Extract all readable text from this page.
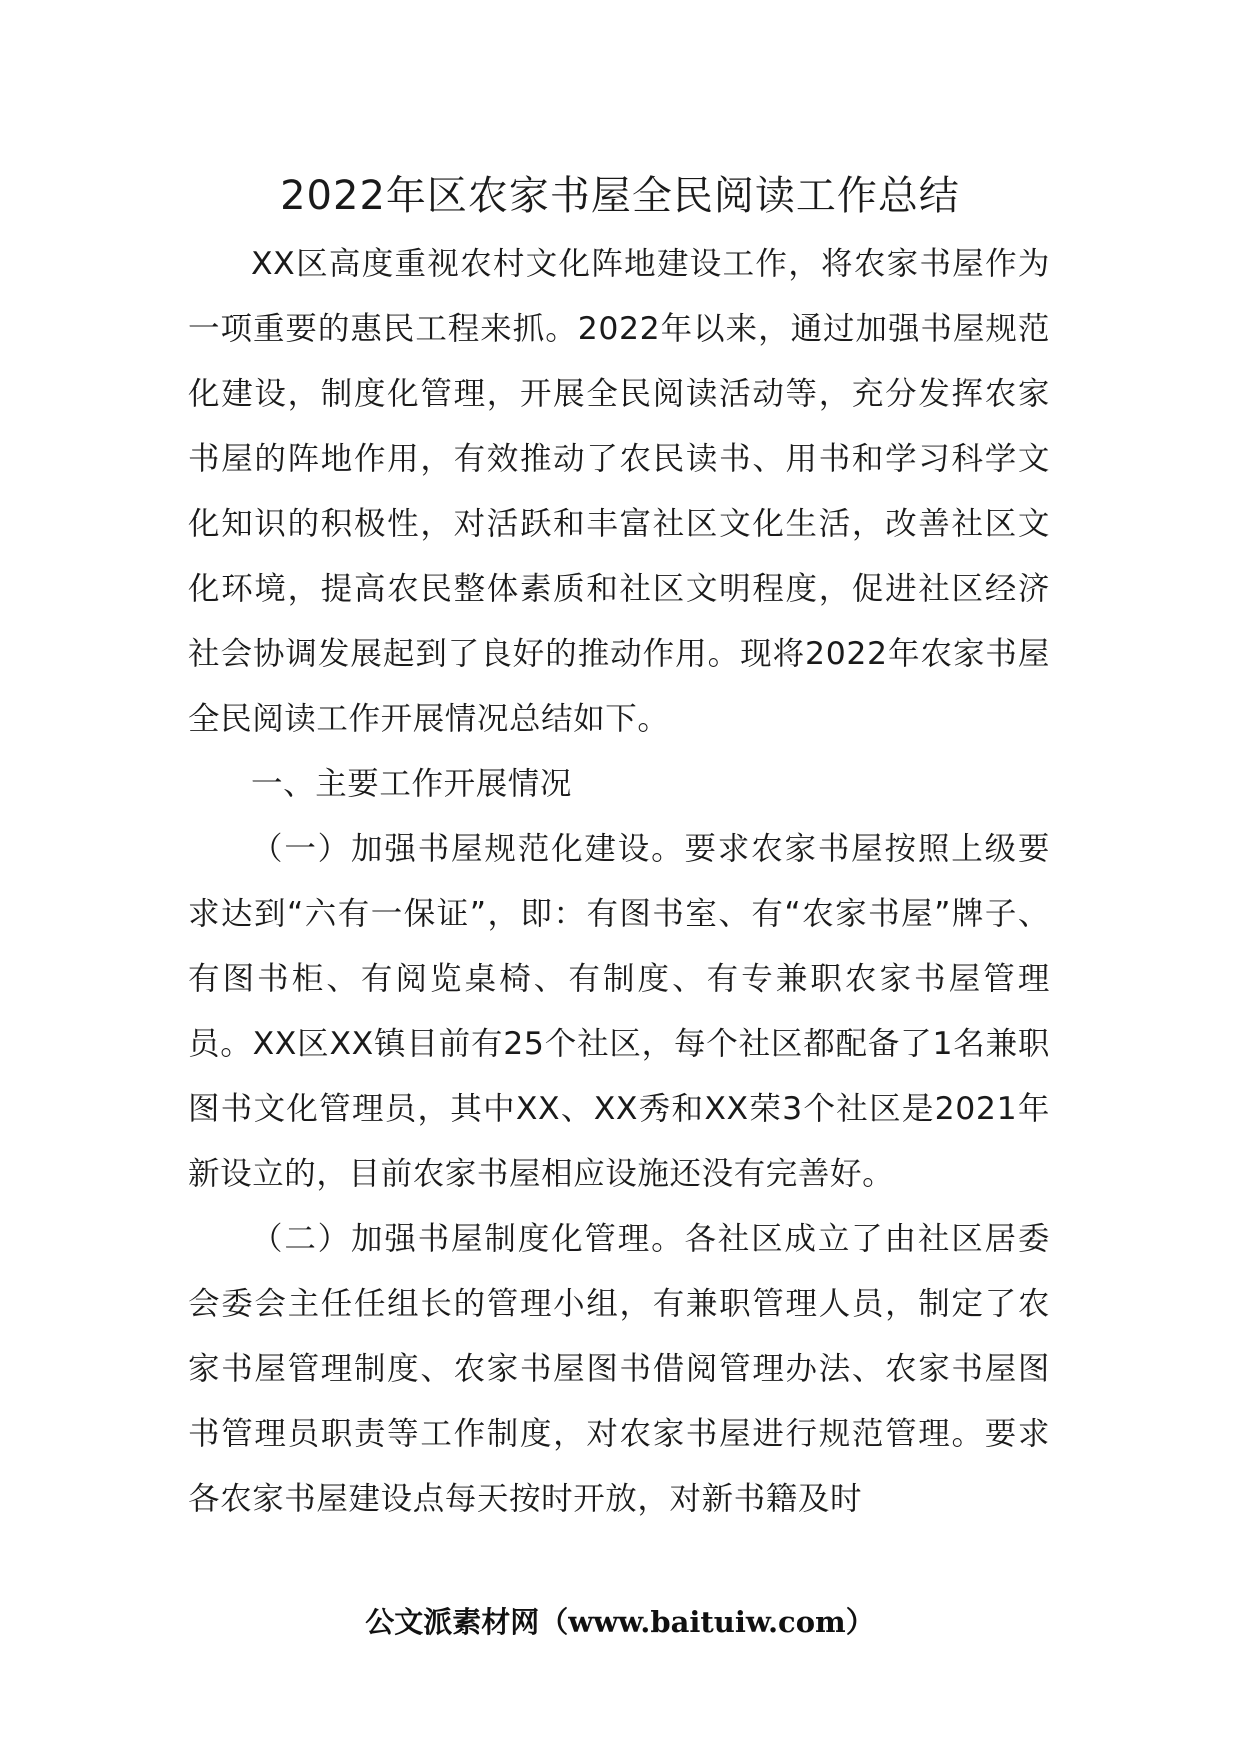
2022年区农家书屋全民阅读工作总结

XX区高度重视农村文化阵地建设工作，将农家书屋作为一项重要的惠民工程来抓。2022年以来，通过加强书屋规范化建设，制度化管理，开展全民阅读活动等，充分发挥农家书屋的阵地作用，有效推动了农民读书、用书和学习科学文化知识的积极性，对活跃和丰富社区文化生活，改善社区文化环境，提高农民整体素质和社区文明程度，促进社区经济社会协调发展起到了良好的推动作用。现将2022年农家书屋全民阅读工作开展情况总结如下。

一、主要工作开展情况

（一）加强书屋规范化建设。要求农家书屋按照上级要求达到“六有一保证”，即：有图书室、有“农家书屋”牌子、有图书柜、有阅览桌椅、有制度、有专兼职农家书屋管理员。XX区XX镇目前有25个社区，每个社区都配备了1名兼职图书文化管理员，其中XX、XX秀和XX荣3个社区是2021年新设立的，目前农家书屋相应设施还没有完善好。

（二）加强书屋制度化管理。各社区成立了由社区居委会委会主任任组长的管理小组，有兼职管理人员，制定了农家书屋管理制度、农家书屋图书借阅管理办法、农家书屋图书管理员职责等工作制度，对农家书屋进行规范管理。要求各农家书屋建设点每天按时开放，对新书籍及时

公文派素材网（www.baituiw.com）
